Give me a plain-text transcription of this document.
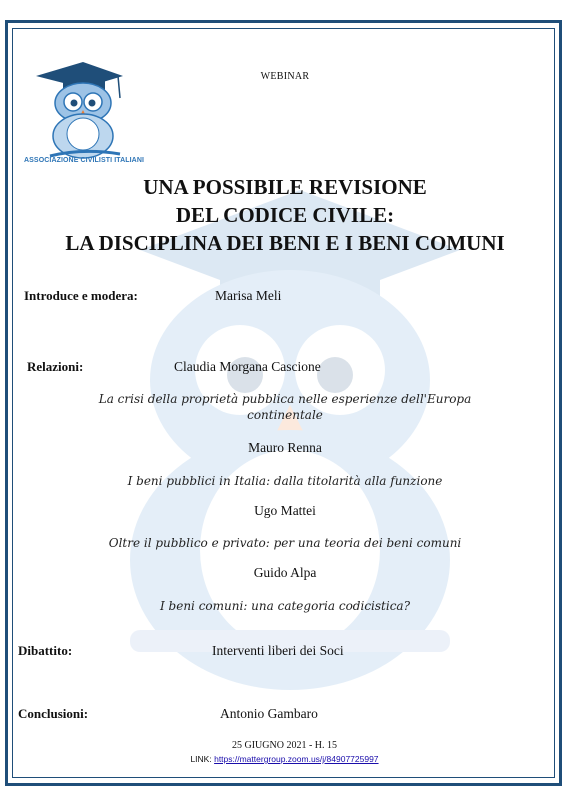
ASSOCIAZIONE CIVILISTI ITALIANI
WEBINAR
UNA POSSIBILE REVISIONE
DEL CODICE CIVILE:
LA DISCIPLINA DEI BENI E I BENI COMUNI
Introduce e modera:	Marisa Meli
Relazioni:	Claudia Morgana Cascione
La crisi della proprietà pubblica nelle esperienze dell'Europa continentale
Mauro Renna
I beni pubblici in Italia: dalla titolarità alla funzione
Ugo Mattei
Oltre il pubblico e privato: per una teoria dei beni comuni
Guido Alpa
I beni comuni: una categoria codicistica?
Dibattito:	Interventi liberi dei Soci
Conclusioni:	Antonio Gambaro
25 GIUGNO 2021 - H. 15
LINK: https://mattergroup.zoom.us/j/84907725997
